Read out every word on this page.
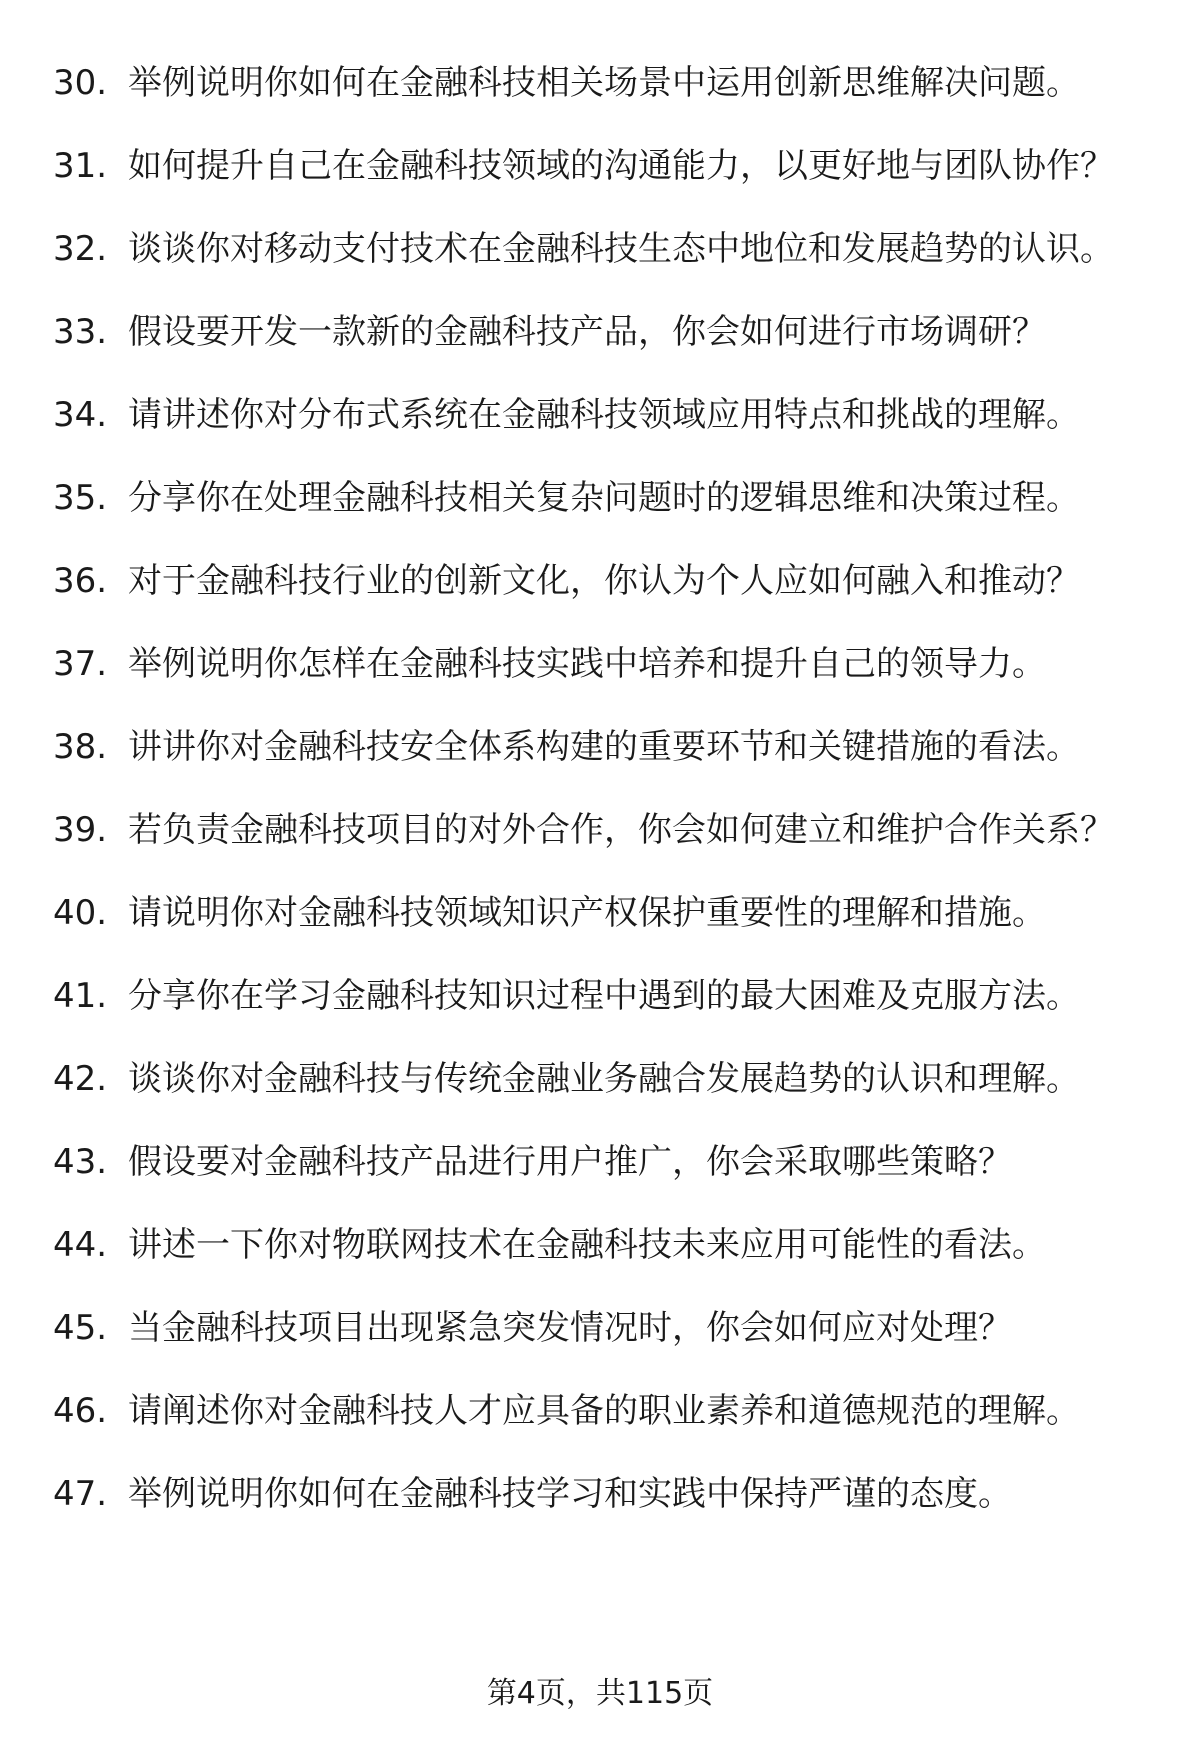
30. 举例说明你如何在金融科技相关场景中运用创新思维解决问题。
31. 如何提升自己在金融科技领域的沟通能力，以更好地与团队协作？
32. 谈谈你对移动支付技术在金融科技生态中地位和发展趋势的认识。
33. 假设要开发一款新的金融科技产品，你会如何进行市场调研？
34. 请讲述你对分布式系统在金融科技领域应用特点和挑战的理解。
35. 分享你在处理金融科技相关复杂问题时的逻辑思维和决策过程。
36. 对于金融科技行业的创新文化，你认为个人应如何融入和推动？
37. 举例说明你怎样在金融科技实践中培养和提升自己的领导力。
38. 讲讲你对金融科技安全体系构建的重要环节和关键措施的看法。
39. 若负责金融科技项目的对外合作，你会如何建立和维护合作关系？
40. 请说明你对金融科技领域知识产权保护重要性的理解和措施。
41. 分享你在学习金融科技知识过程中遇到的最大困难及克服方法。
42. 谈谈你对金融科技与传统金融业务融合发展趋势的认识和理解。
43. 假设要对金融科技产品进行用户推广，你会采取哪些策略？
44. 讲述一下你对物联网技术在金融科技未来应用可能性的看法。
45. 当金融科技项目出现紧急突发情况时，你会如何应对处理？
46. 请阐述你对金融科技人才应具备的职业素养和道德规范的理解。
47. 举例说明你如何在金融科技学习和实践中保持严谨的态度。
第4页，共115页
